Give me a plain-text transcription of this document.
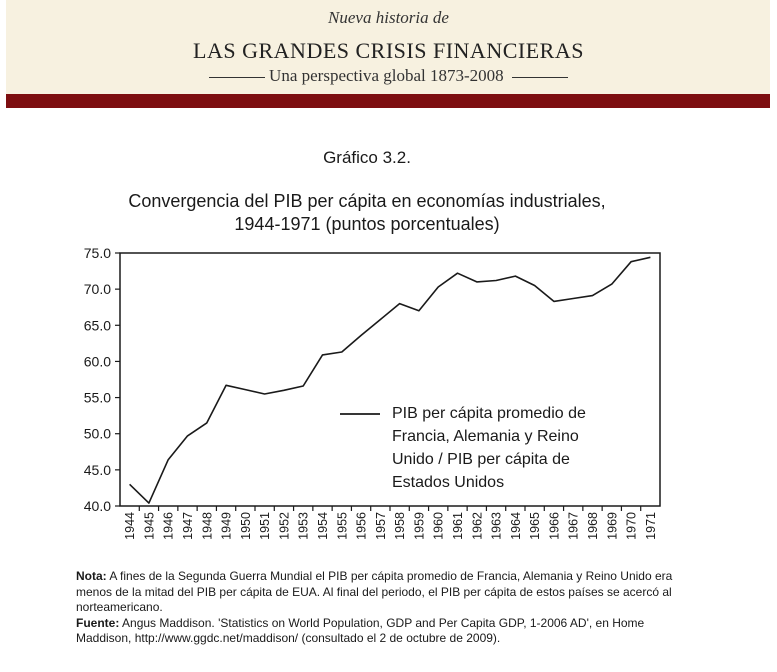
Nueva historia de
LAS GRANDES CRISIS FINANCIERAS
Una perspectiva global 1873-2008
Gráfico 3.2.
Convergencia del PIB per cápita en economías industriales,
1944-1971 (puntos porcentuales)
75.0
70.0
65.0
60.0
55.0
50.0
45.0
40.0
1944 1945 1946 1947 1948 1949 1950 1951 1952 1953 1954 1955 1956 1957 1958 1959 1960 1961 1962 1963 1964 1965 1966 1967 1968 1969 1970 1971
PIB per cápita promedio de
Francia, Alemania y Reino
Unido / PIB per cápita de
Estados Unidos
Nota: A fines de la Segunda Guerra Mundial el PIB per cápita promedio de Francia, Alemania y Reino Unido era menos de la mitad del PIB per cápita de EUA. Al final del periodo, el PIB per cápita de estos países se acercó al norteamericano.
Fuente: Angus Maddison. 'Statistics on World Population, GDP and Per Capita GDP, 1-2006 AD', en Home Maddison, http://www.ggdc.net/maddison/ (consultado el 2 de octubre de 2009).
